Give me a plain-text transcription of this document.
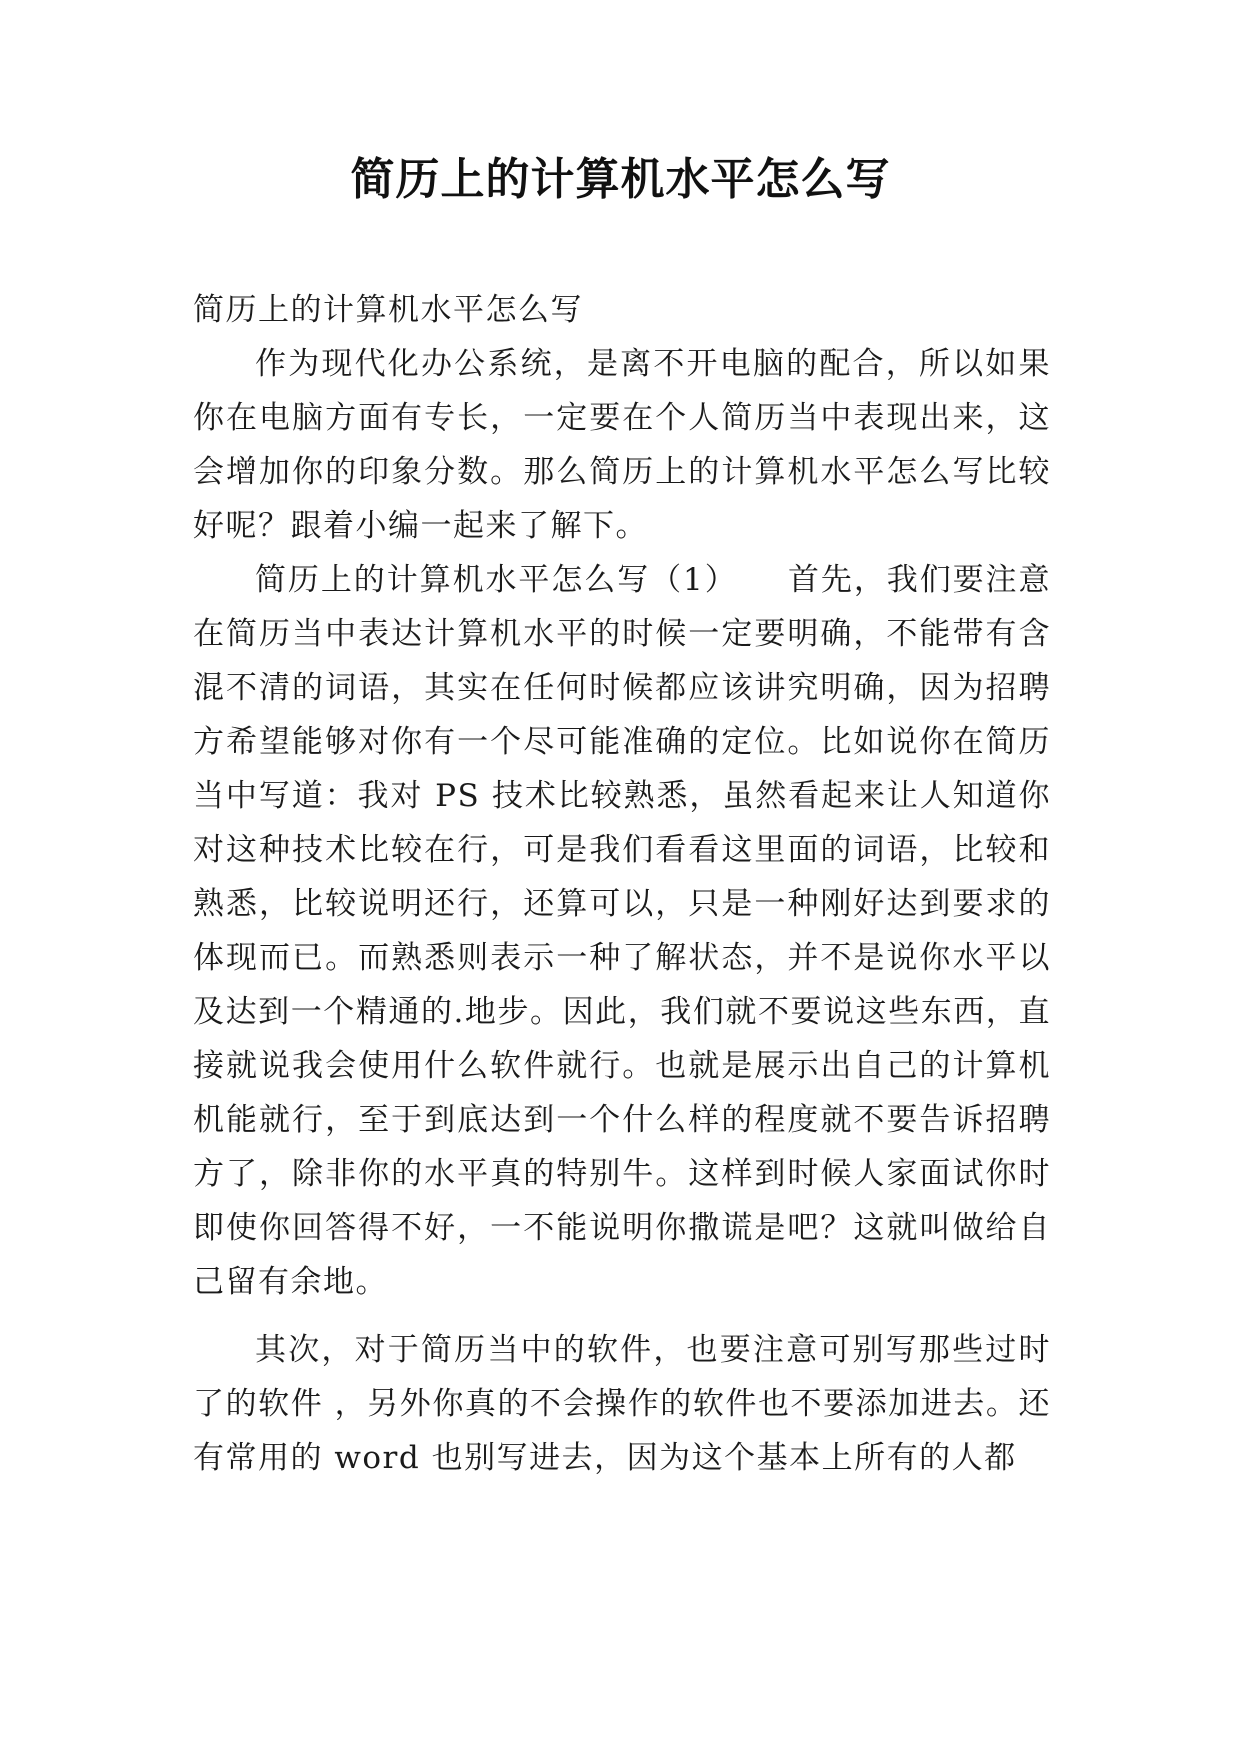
简历上的计算机水平怎么写

简历上的计算机水平怎么写

作为现代化办公系统，是离不开电脑的配合，所以如果你在电脑方面有专长，一定要在个人简历当中表现出来，这会增加你的印象分数。那么简历上的计算机水平怎么写比较好呢？跟着小编一起来了解下。

简历上的计算机水平怎么写（1）　　首先，我们要注意在简历当中表达计算机水平的时候一定要明确，不能带有含混不清的词语，其实在任何时候都应该讲究明确，因为招聘方希望能够对你有一个尽可能准确的定位。比如说你在简历当中写道：我对 PS 技术比较熟悉，虽然看起来让人知道你对这种技术比较在行，可是我们看看这里面的词语，比较和熟悉，比较说明还行，还算可以，只是一种刚好达到要求的体现而已。而熟悉则表示一种了解状态，并不是说你水平以及达到一个精通的.地步。因此，我们就不要说这些东西，直接就说我会使用什么软件就行。也就是展示出自己的计算机机能就行，至于到底达到一个什么样的程度就不要告诉招聘方了，除非你的水平真的特别牛。这样到时候人家面试你时即使你回答得不好，一不能说明你撒谎是吧？这就叫做给自己留有余地。

其次，对于简历当中的软件，也要注意可别写那些过时了的软件 ，另外你真的不会操作的软件也不要添加进去。还有常用的 word 也别写进去，因为这个基本上所有的人都
